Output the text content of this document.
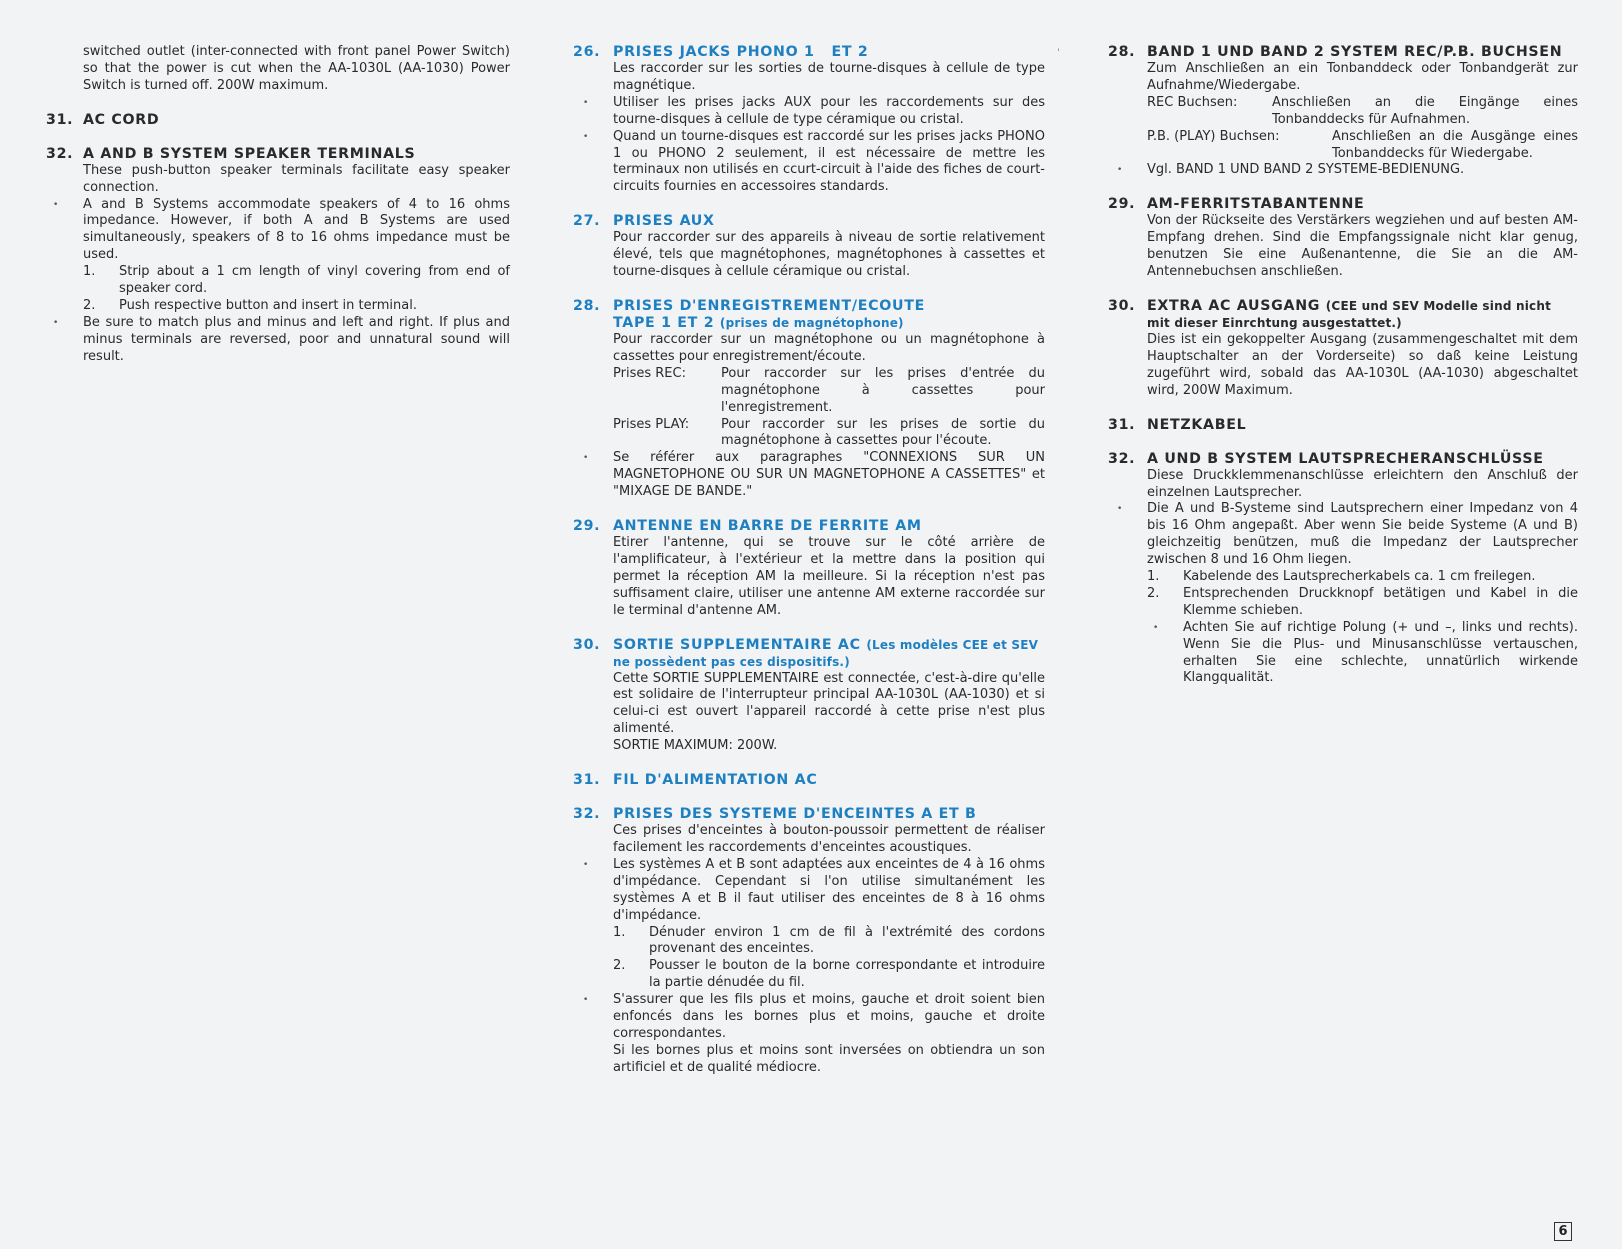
switched outlet (inter-connected with front panel Power Switch) so that the power is cut when the AA-1030L (AA-1030) Power Switch is turned off. 200W maximum.
31. AC CORD
32. A AND B SYSTEM SPEAKER TERMINALS

These push-button speaker terminals facilitate easy speaker connection.

• A and B Systems accommodate speakers of 4 to 16 ohms impedance. However, if both A and B Systems are used simultaneously, speakers of 8 to 16 ohms impedance must be used.

1.	Strip about a 1 cm length of vinyl covering from end of speaker cord.
2.	Push respective button and insert in terminal.

• Be sure to match plus and minus and left and right. If plus and minus terminals are reversed, poor and unnatural sound will result.

ˈ
26. PRISES JACKS PHONO 1   ET 2

Les raccorder sur les sorties de tourne-disques à cellule de type magnétique.

• Utiliser les prises jacks AUX pour les raccordements sur des tourne-disques à cellule de type céramique ou cristal.

• Quand un tourne-disques est raccordé sur les prises jacks PHONO 1 ou PHONO 2 seulement, il est nécessaire de mettre les terminaux non utilisés en ccurt-circuit à l'aide des fiches de court-circuits fournies en accessoires standards.

27. PRISES AUX

Pour raccorder sur des appareils à niveau de sortie relativement élevé, tels que magnétophones, magnétophones à cassettes et tourne-disques à cellule céramique ou cristal.

28. PRISES D'ENREGISTREMENT/ECOUTE
TAPE 1 ET 2 (prises de magnétophone)

Pour raccorder sur un magnétophone ou un magnétophone à cassettes pour enregistrement/écoute.

Prises REC:	Pour raccorder sur les prises d'entrée du magnétophone à cassettes pour l'enregistrement.
Prises PLAY:	Pour raccorder sur les prises de sortie du magnétophone à cassettes pour l'écoute.

• Se référer aux paragraphes "CONNEXIONS SUR UN MAGNETOPHONE OU SUR UN MAGNETOPHONE A CASSETTES" et "MIXAGE DE BANDE."

29. ANTENNE EN BARRE DE FERRITE AM

Etirer l'antenne, qui se trouve sur le côté arrière de l'amplificateur, à l'extérieur et la mettre dans la position qui permet la réception AM la meilleure. Si la réception n'est pas suffisament claire, utiliser une antenne AM externe raccordée sur le terminal d'antenne AM.

30. SORTIE SUPPLEMENTAIRE AC (Les modèles CEE et SEV ne possèdent pas ces dispositifs.)

Cette SORTIE SUPPLEMENTAIRE est connectée, c'est-à-dire qu'elle est solidaire de l'interrupteur principal AA-1030L (AA-1030) et si celui-ci est ouvert l'appareil raccordé à cette prise n'est plus alimenté.

SORTIE MAXIMUM: 200W.

31. FIL D'ALIMENTATION AC
32. PRISES DES SYSTEME D'ENCEINTES A ET B

Ces prises d'enceintes à bouton-poussoir permettent de réaliser facilement les raccordements d'enceintes acoustiques.

• Les systèmes A et B sont adaptées aux enceintes de 4 à 16 ohms d'impédance. Cependant si l'on utilise simultanément les systèmes A et B il faut utiliser des enceintes de 8 à 16 ohms d'impédance.

1.	Dénuder environ 1 cm de fil à l'extrémité des cordons provenant des enceintes.
2.	Pousser le bouton de la borne correspondante et introduire la partie dénudée du fil.

• S'assurer que les fils plus et moins, gauche et droit soient bien enfoncés dans les bornes plus et moins, gauche et droite correspondantes.

Si les bornes plus et moins sont inversées on obtiendra un son artificiel et de qualité médiocre.

28. BAND 1 UND BAND 2 SYSTEM REC/P.B. BUCHSEN

Zum Anschließen an ein Tonbanddeck oder Tonbandgerät zur Aufnahme/Wiedergabe.

REC Buchsen:	Anschließen an die Eingänge eines Tonbanddecks für Aufnahmen.
P.B. (PLAY) Buchsen:	Anschließen an die Ausgänge eines Tonbanddecks für Wiedergabe.

• Vgl. BAND 1 UND BAND 2 SYSTEME-BEDIENUNG.

29. AM-FERRITSTABANTENNE

Von der Rückseite des Verstärkers wegziehen und auf besten AM-Empfang drehen. Sind die Empfangssignale nicht klar genug, benutzen Sie eine Außenantenne, die Sie an die AM-Antennebuchsen anschließen.

30. EXTRA AC AUSGANG (CEE und SEV Modelle sind nicht mit dieser Einrchtung ausgestattet.)

Dies ist ein gekoppelter Ausgang (zusammengeschaltet mit dem Hauptschalter an der Vorderseite) so daß keine Leistung zugeführt wird, sobald das AA-1030L (AA-1030) abgeschaltet wird, 200W Maximum.

31. NETZKABEL
32. A UND B SYSTEM LAUTSPRECHERANSCHLÜSSE

Diese Druckklemmenanschlüsse erleichtern den Anschluß der einzelnen Lautsprecher.

• Die A und B-Systeme sind Lautsprechern einer Impedanz von 4 bis 16 Ohm angepaßt. Aber wenn Sie beide Systeme (A und B) gleichzeitig benützen, muß die Impedanz der Lautsprecher zwischen 8 und 16 Ohm liegen.

1.	Kabelende des Lautsprecherkabels ca. 1 cm freilegen.
2.	Entsprechenden Druckknopf betätigen und Kabel in die Klemme schieben.
• Achten Sie auf richtige Polung (+ und –, links und rechts). Wenn Sie die Plus- und Minusanschlüsse vertauschen, erhalten Sie eine schlechte, unnatürlich wirkende Klangqualität.
6
